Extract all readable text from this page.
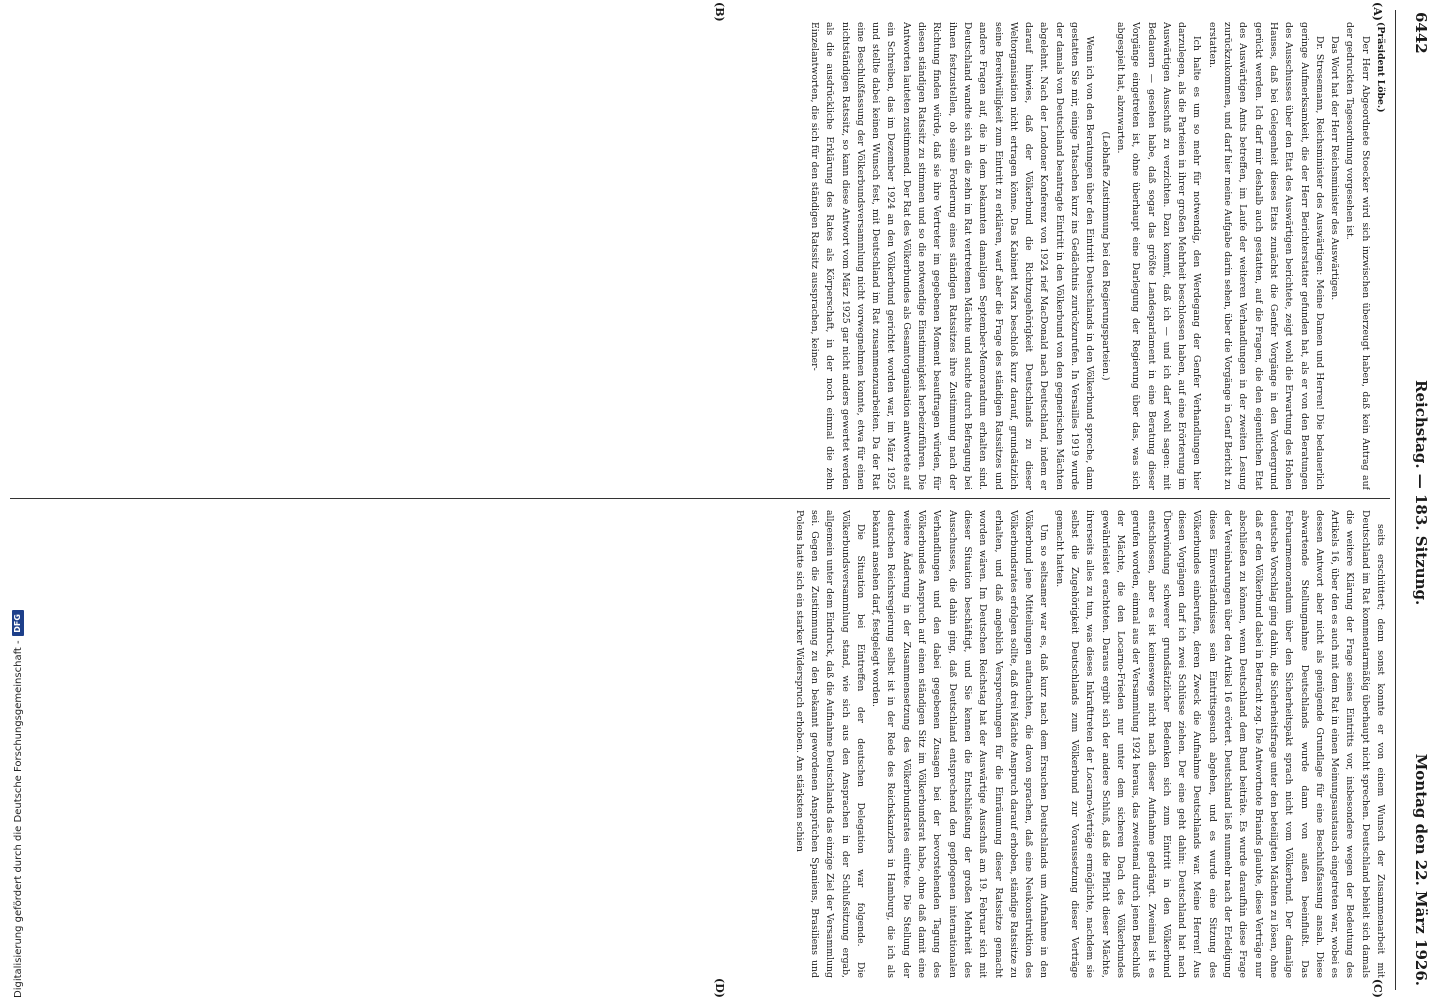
6442
Reichstag. — 183. Sitzung.
Montag den 22. März 1926.
(A)
(B)
(C)
(D)

(Präsident Löbe.)

Der Herr Abgeordnete Stoecker wird sich inzwischen überzeugt haben, daß kein Antrag auf der gedruckten Tagesordnung vorgesehen ist.

Das Wort hat der Herr Reichsminister des Auswärtigen.

Dr. Stresemann, Reichsminister des Auswärtigen: Meine Damen und Herren! Die bedauerlich geringe Aufmerksamkeit, die der Herr Berichterstatter gefunden hat, als er von den Beratungen des Ausschusses über den Etat des Auswärtigen berichtete, zeigt wohl die Erwartung des Hohen Hauses, daß bei Gelegenheit dieses Etats zunächst die Genfer Vorgänge in den Vordergrund gerückt werden. Ich darf mir deshalb auch gestatten, auf die Fragen, die den eigentlichen Etat des Auswärtigen Amts betreffen, im Laufe der weiteren Verhandlungen in der zweiten Lesung zurückzukommen, und darf hier meine Aufgabe darin sehen, über die Vorgänge in Genf Bericht zu erstatten.

Ich halte es um so mehr für notwendig, den Werdegang der Genfer Verhandlungen hier darzulegen, als die Parteien in ihrer großen Mehrheit beschlossen haben, auf eine Erörterung im Auswärtigen Ausschuß zu verzichten. Dazu kommt, daß ich — und ich darf wohl sagen: mit Bedauern — gesehen habe, daß sogar das größte Landesparlament in eine Beratung dieser Vorgänge eingetreten ist, ohne überhaupt eine Darlegung der Regierung über das, was sich abgespielt hat, abzuwarten.

(Lebhafte Zustimmung bei den Regierungsparteien.)

Wenn ich von den Beratungen über den Eintritt Deutschlands in den Völkerbund spreche, dann gestatten Sie mir, einige Tatsachen kurz ins Gedächtnis zurückzurufen. In Versailles 1919 wurde der damals von Deutschland beantragte Eintritt in den Völkerbund von den gegnerischen Mächten abgelehnt. Nach der Londoner Konferenz von 1924 rief MacDonald nach Deutschland, indem er darauf hinwies, daß der Völkerbund die Richtzugehörigkeit Deutschlands zu dieser Weltorganisation nicht ertragen könne. Das Kabinett Marx beschloß kurz darauf, grundsätzlich seine Bereitwilligkeit zum Eintritt zu erklären, warf aber die Frage des ständigen Ratssitzes und andere Fragen auf, die in dem bekannten damaligen September-Memorandum erhalten sind. Deutschland wandte sich an die zehn im Rat vertretenen Mächte und suchte durch Befragung bei ihnen festzustellen, ob seine Forderung eines ständigen Ratssitzes ihre Zustimmung nach der Richtung finden würde, daß sie ihre Vertreter im gegebenen Moment beauftragen würden, für diesen ständigen Ratssitz zu stimmen und so die notwendige Einstimmigkeit herbeizuführen. Die Antworten lauteten zustimmend. Der Rat des Völkerbundes als Gesamtorganisation antwortete auf ein Schreiben, das im Dezember 1924 an den Völkerbund gerichtet worden war, im März 1925 und stellte dabei keinen Wunsch fest, mit Deutschland im Rat zusammenzuarbeiten. Da der Rat eine Beschlußfassung der Völkerbundsversammlung nicht vorwegnehmen konnte, etwa für einen nichtständigen Ratssitz, so kann diese Antwort vom März 1925 gar nicht anders gewertet werden als die ausdrückliche Erklärung des Rates als Körperschaft, in der noch einmal die zehn Einzelantworten, die sich für den ständigen Ratssitz aussprachen, keiner-

seits erschüttert; denn sonst konnte er von einem Wunsch der Zusammenarbeit mit Deutschland im Rat kommentarmäßig überhaupt nicht sprechen. Deutschland behielt sich damals die weitere Klärung der Frage seines Eintritts vor, insbesondere wegen der Bedeutung des Artikels 16, über den es auch mit dem Rat in einen Meinungsaustausch eingetreten war, wobei es dessen Antwort aber nicht als genügende Grundlage für eine Beschlußfassung ansah. Diese abwartende Stellungnahme Deutschlands wurde dann von außen beeinflußt. Das Februarmemorandum über den Sicherheitspakt sprach nicht vom Völkerbund. Der damalige deutsche Vorschlag ging dahin, die Sicherheitsfrage unter den beteiligten Mächten zu lösen, ohne daß er den Völkerbund dabei in Betracht zog. Die Antwortnote Briands glaubte, diese Verträge nur abschließen zu können, wenn Deutschland dem Bund beiträte. Es wurde daraufhin diese Frage der Vereinbarungen über den Artikel 16 erörtert. Deutschland ließ nunmehr nach der Erledigung dieses Einverständnisses sein Eintrittsgesuch abgehen, und es wurde eine Sitzung des Völkerbundes einberufen, deren Zweck die Aufnahme Deutschlands war. Meine Herren! Aus diesen Vorgängen darf ich zwei Schlüsse ziehen. Der eine geht dahin: Deutschland hat nach Überwindung schwerer grundsätzlicher Bedenken sich zum Eintritt in den Völkerbund entschlossen, aber es ist keineswegs nicht nach dieser Aufnahme gedrängt. Zweimal ist es gerufen worden, einmal aus der Versammlung 1924 heraus, das zweitemal durch jenen Beschluß der Mächte, die den Locarno-Frieden nur unter dem sicheren Dach des Völkerbundes gewährleistet erachteten. Daraus ergibt sich der andere Schluß, daß die Pflicht dieser Mächte, ihrerseits alles zu tun, was dieses Inkrafttreten der Locarno-Verträge ermöglichte, nachdem sie selbst die Zugehörigkeit Deutschlands zum Völkerbund zur Voraussetzung dieser Verträge gemacht hatten.

Um so seltsamer war es, daß kurz nach dem Ersuchen Deutschlands um Aufnahme in den Völkerbund jene Mitteilungen auftauchten, die davon sprachen, daß eine Neukonstruktion des Völkerbundsrates erfolgen sollte, daß drei Mächte Anspruch darauf erhoben, ständige Ratssitze zu erhalten, und daß angeblich Versprechungen für die Einräumung dieser Ratssitze gemacht worden wären. Im Deutschen Reichstag hat der Auswärtige Ausschuß am 19. Februar sich mit dieser Situation beschäftigt, und Sie kennen die Entschließung der großen Mehrheit des Ausschusses, die dahin ging, daß Deutschland entsprechend den gepflogenen internationalen Verhandlungen und den dabei gegebenen Zusagen bei der bevorstehenden Tagung des Völkerbundes Anspruch auf einen ständigen Sitz im Völkerbundsrat habe, ohne daß damit eine weitere Änderung in der Zusammensetzung des Völkerbundsrates eintrete. Die Stellung der deutschen Reichsregierung selbst ist in der Rede des Reichskanzlers in Hamburg, die ich als bekannt ansehen darf, festgelegt worden.

Die Situation bei Eintreffen der deutschen Delegation war folgende. Die Völkerbundsversammlung stand, wie sich aus den Ansprachen in der Schlußsitzung ergab, allgemein unter dem Eindruck, daß die Aufnahme Deutschlands das einzige Ziel der Versammlung sei. Gegen die Zustimmung zu den bekannt gewordenen Ansprüchen Spaniens, Brasiliens und Polens hatte sich ein starker Widerspruch erhoben. Am stärksten schien

Digitalisierung gefördert durch die Deutsche Forschungsgemeinschaft -
DFG
